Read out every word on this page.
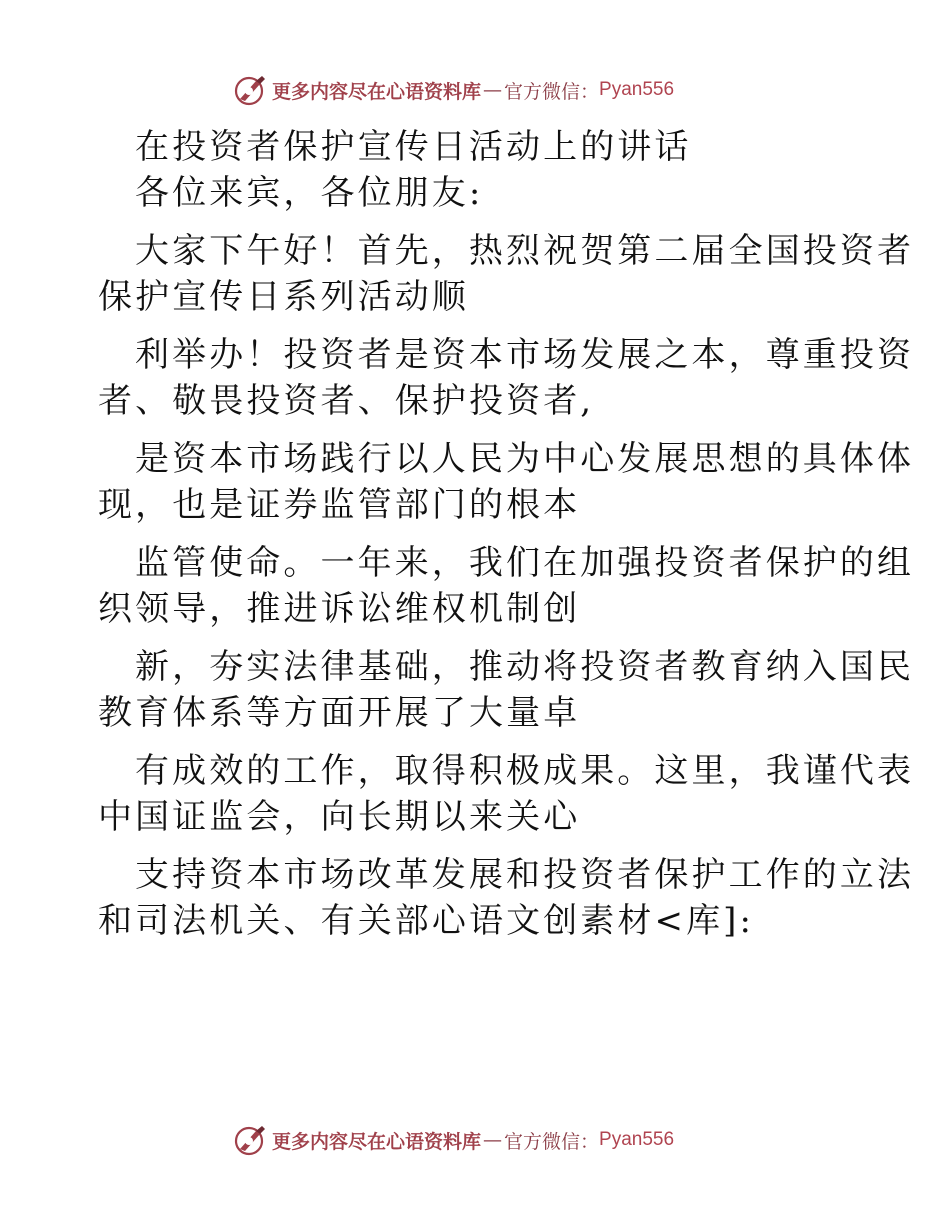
更多内容尽在心语资料库 — 官方微信： Pyan556

在投资者保护宣传日活动上的讲话

各位来宾，各位朋友:

大家下午好！首先，热烈祝贺第二届全国投资者

保护宣传日系列活动顺

利举办！投资者是资本市场发展之本，尊重投资

者、敬畏投资者、保护投资者,

是资本市场践行以人民为中心发展思想的具体体

现，也是证券监管部门的根本

监管使命。一年来，我们在加强投资者保护的组

织领导，推进诉讼维权机制创

新，夯实法律基础，推动将投资者教育纳入国民

教育体系等方面开展了大量卓

有成效的工作，取得积极成果。这里，我谨代表

中国证监会，向长期以来关心

支持资本市场改革发展和投资者保护工作的立法

和司法机关、有关部心语文创素材<库]:

更多内容尽在心语资料库 — 官方微信： Pyan556
